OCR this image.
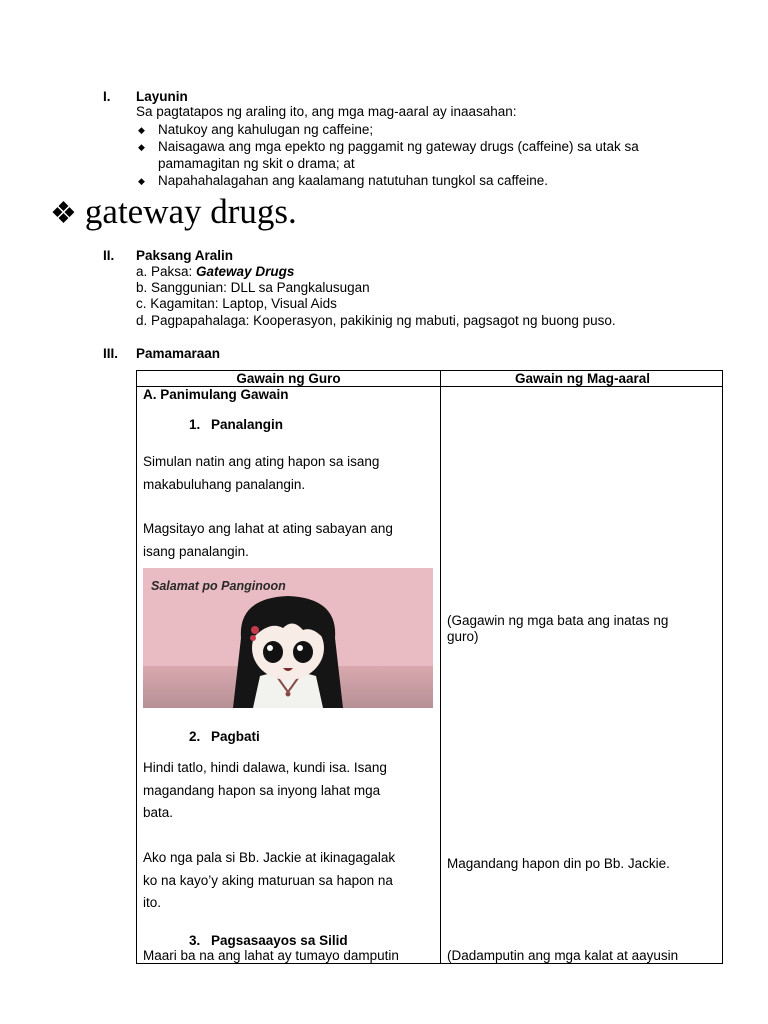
I. Layunin
Sa pagtatapos ng araling ito, ang mga mag-aaral ay inaasahan:
◆ Natukoy ang kahulugan ng caffeine;
◆ Naisagawa ang mga epekto ng paggamit ng gateway drugs (caffeine) sa utak sa
pamamagitan ng skit o drama; at
◆ Napahahalagahan ang kaalamang natutuhan tungkol sa caffeine.
❖ gateway drugs.
II. Paksang Aralin
a. Paksa: Gateway Drugs
b. Sanggunian: DLL sa Pangkalusugan
c. Kagamitan: Laptop, Visual Aids
d. Pagpapahalaga: Kooperasyon, pakikinig ng mabuti, pagsagot ng buong puso.
III. Pamamaraan
Gawain ng Guro	Gawain ng Mag-aaral
A. Panimulang Gawain
1. Panalangin
Simulan natin ang ating hapon sa isang
makabuluhang panalangin.
Magsitayo ang lahat at ating sabayan ang
isang panalangin.
Salamat po Panginoon
(Gagawin ng mga bata ang inatas ng
guro)
2. Pagbati
Hindi tatlo, hindi dalawa, kundi isa. Isang
magandang hapon sa inyong lahat mga
bata.
Ako nga pala si Bb. Jackie at ikinagagalak
ko na kayo’y aking maturuan sa hapon na
ito.
Magandang hapon din po Bb. Jackie.
3. Pagsasaayos sa Silid
Maari ba na ang lahat ay tumayo damputin	(Dadamputin ang mga kalat at aayusin
